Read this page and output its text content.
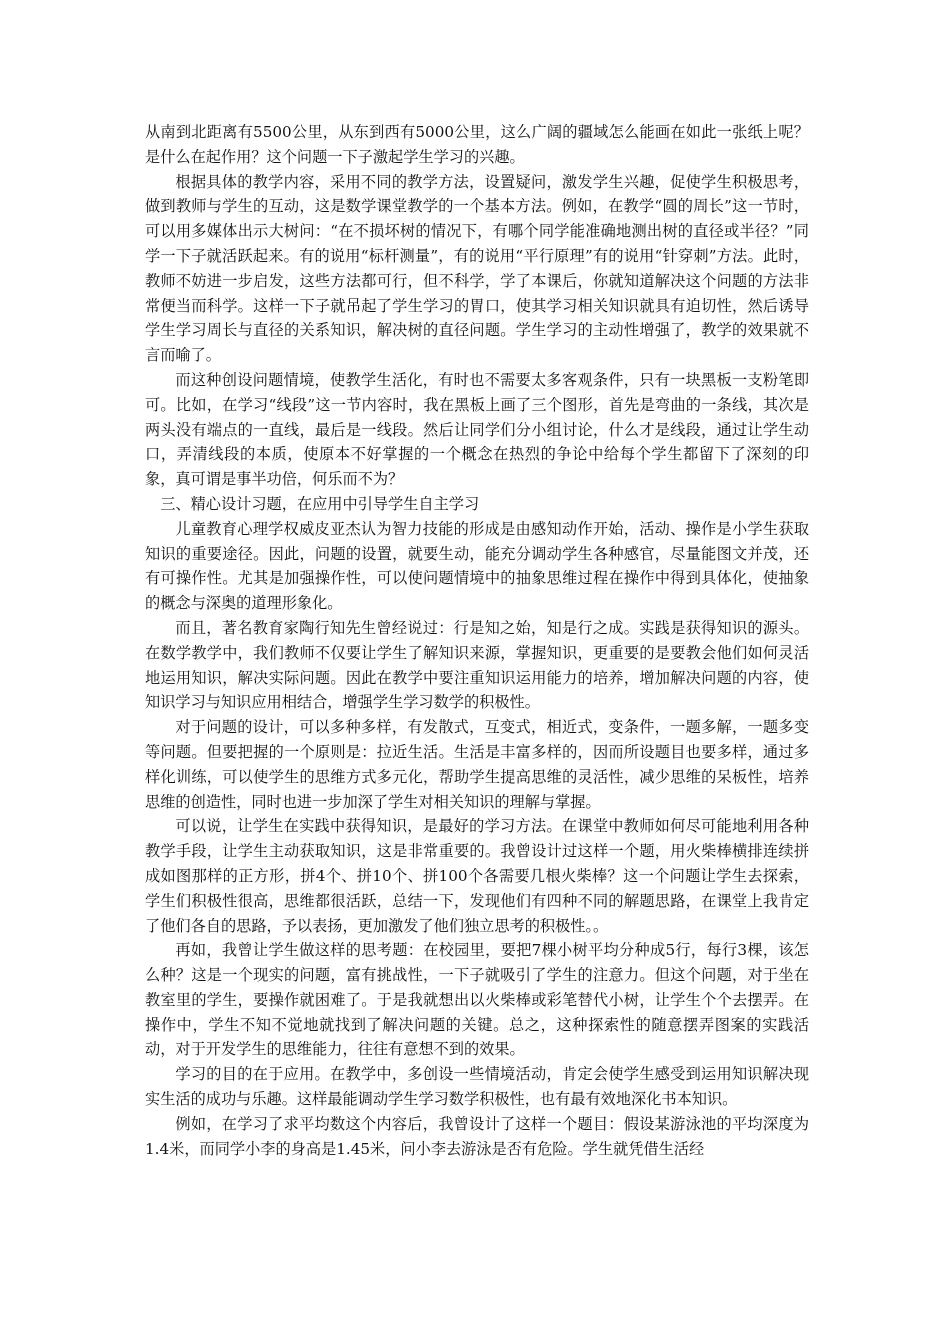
从南到北距离有5500公里，从东到西有5000公里，这么广阔的疆域怎么能画在如此一张纸上呢？是什么在起作用？这个问题一下子激起学生学习的兴趣。

根据具体的教学内容，采用不同的教学方法，设置疑问，激发学生兴趣，促使学生积极思考，做到教师与学生的互动，这是数学课堂教学的一个基本方法。例如，在教学“圆的周长”这一节时，可以用多媒体出示大树问：“在不损坏树的情况下，有哪个同学能准确地测出树的直径或半径？”同学一下子就活跃起来。有的说用“标杆测量”，有的说用“平行原理”有的说用“针穿刺”方法。此时，教师不妨进一步启发，这些方法都可行，但不科学，学了本课后，你就知道解决这个问题的方法非常便当而科学。这样一下子就吊起了学生学习的胃口，使其学习相关知识就具有迫切性，然后诱导学生学习周长与直径的关系知识，解决树的直径问题。学生学习的主动性增强了，教学的效果就不言而喻了。

而这种创设问题情境，使教学生活化，有时也不需要太多客观条件，只有一块黑板一支粉笔即可。比如，在学习“线段”这一节内容时，我在黑板上画了三个图形，首先是弯曲的一条线，其次是两头没有端点的一直线，最后是一线段。然后让同学们分小组讨论，什么才是线段，通过让学生动口，弄清线段的本质，使原本不好掌握的一个概念在热烈的争论中给每个学生都留下了深刻的印象，真可谓是事半功倍，何乐而不为？

三、精心设计习题，在应用中引导学生自主学习

儿童教育心理学权威皮亚杰认为智力技能的形成是由感知动作开始，活动、操作是小学生获取知识的重要途径。因此，问题的设置，就要生动，能充分调动学生各种感官，尽量能图文并茂，还有可操作性。尤其是加强操作性，可以使问题情境中的抽象思维过程在操作中得到具体化，使抽象的概念与深奥的道理形象化。

而且，著名教育家陶行知先生曾经说过：行是知之始，知是行之成。实践是获得知识的源头。在数学教学中，我们教师不仅要让学生了解知识来源，掌握知识，更重要的是要教会他们如何灵活地运用知识，解决实际问题。因此在教学中要注重知识运用能力的培养，增加解决问题的内容，使知识学习与知识应用相结合，增强学生学习数学的积极性。

对于问题的设计，可以多种多样，有发散式，互变式，相近式，变条件，一题多解，一题多变等问题。但要把握的一个原则是：拉近生活。生活是丰富多样的，因而所设题目也要多样，通过多样化训练，可以使学生的思维方式多元化，帮助学生提高思维的灵活性，减少思维的呆板性，培养思维的创造性，同时也进一步加深了学生对相关知识的理解与掌握。

可以说，让学生在实践中获得知识，是最好的学习方法。在课堂中教师如何尽可能地利用各种教学手段，让学生主动获取知识，这是非常重要的。我曾设计过这样一个题，用火柴棒横排连续拼成如图那样的正方形，拼4个、拼10个、拼100个各需要几根火柴棒？这一个问题让学生去探索，学生们积极性很高，思维都很活跃，总结一下，发现他们有四种不同的解题思路，在课堂上我肯定了他们各自的思路，予以表扬，更加激发了他们独立思考的积极性。。

再如，我曾让学生做这样的思考题：在校园里，要把7棵小树平均分种成5行，每行3棵，该怎么种？这是一个现实的问题，富有挑战性，一下子就吸引了学生的注意力。但这个问题，对于坐在教室里的学生，要操作就困难了。于是我就想出以火柴棒或彩笔替代小树，让学生个个去摆弄。在操作中，学生不知不觉地就找到了解决问题的关键。总之，这种探索性的随意摆弄图案的实践活动，对于开发学生的思维能力，往往有意想不到的效果。

学习的目的在于应用。在教学中，多创设一些情境活动，肯定会使学生感受到运用知识解决现实生活的成功与乐趣。这样最能调动学生学习数学积极性，也有最有效地深化书本知识。

例如，在学习了求平均数这个内容后，我曾设计了这样一个题目：假设某游泳池的平均深度为1.4米，而同学小李的身高是1.45米，问小李去游泳是否有危险。学生就凭借生活经
